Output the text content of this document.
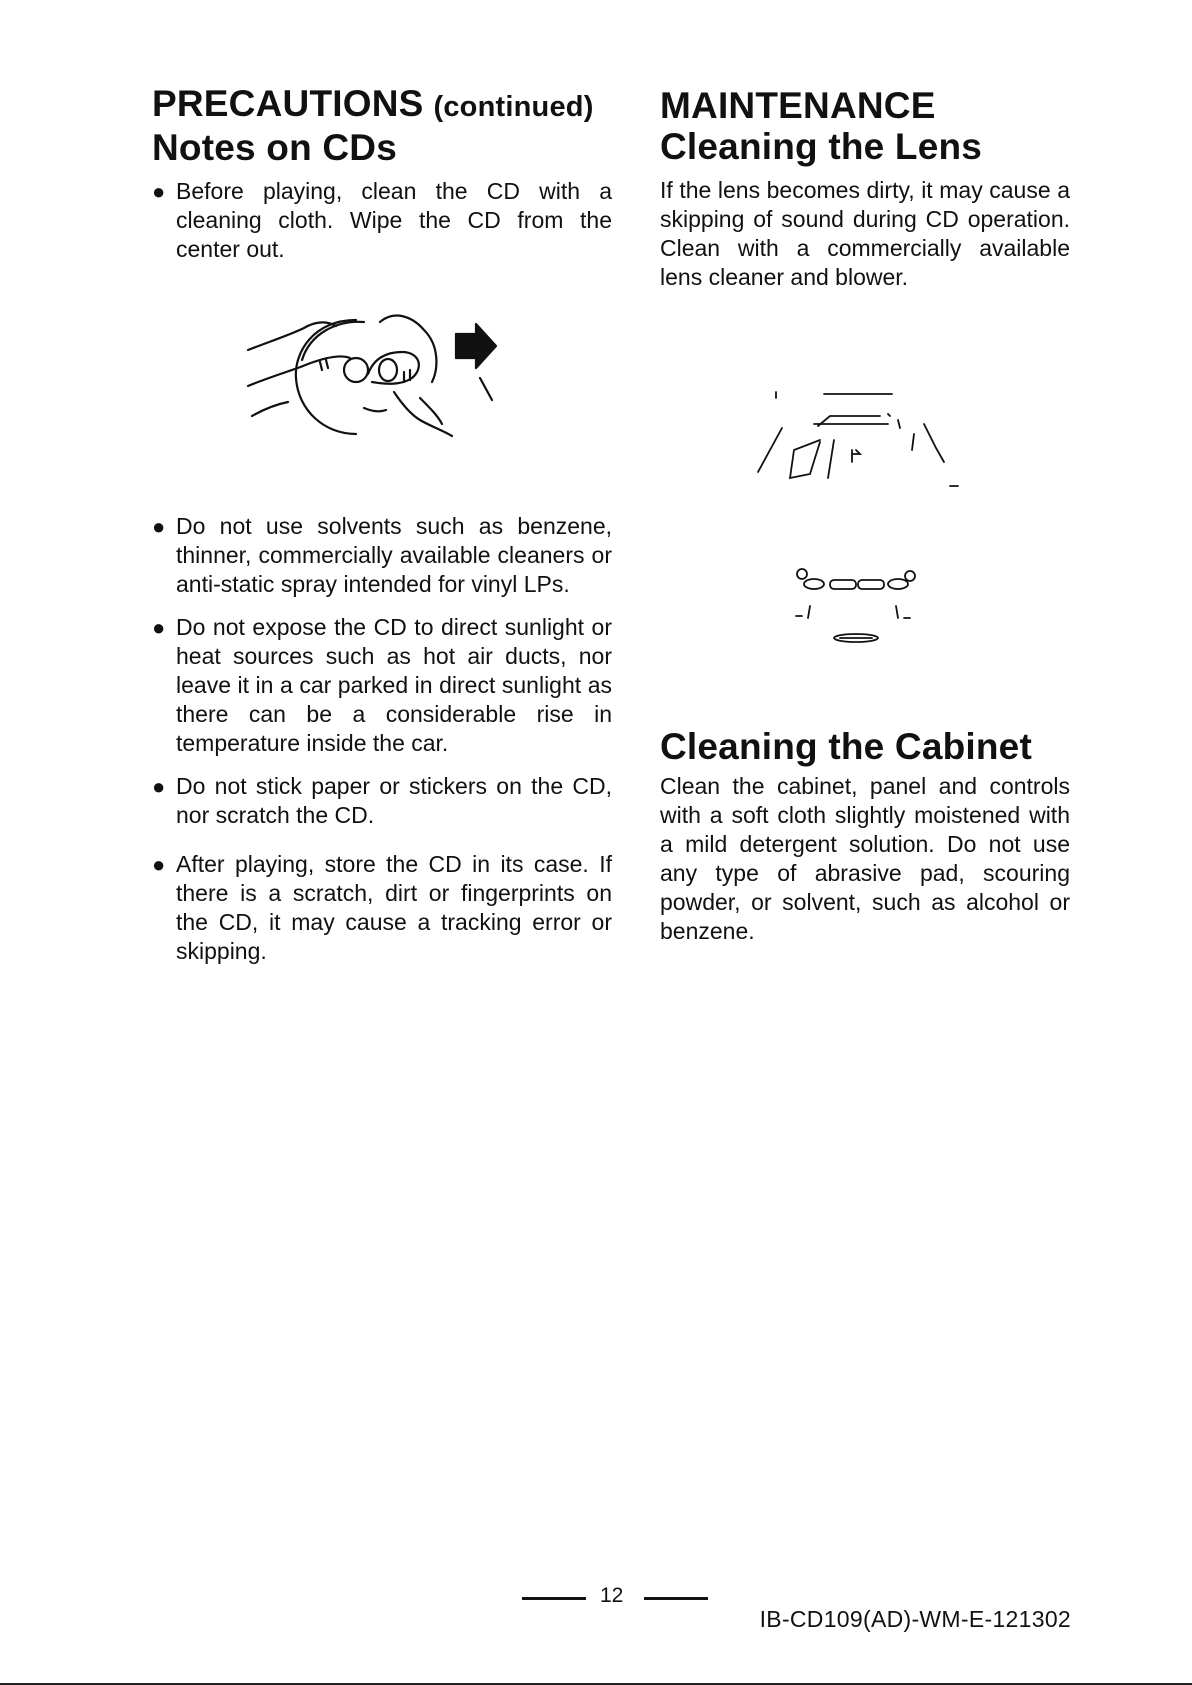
PRECAUTIONS (continued)
Notes on CDs
● Before playing, clean the CD with a cleaning cloth. Wipe the CD from the center out.
● Do not use solvents such as benzene, thinner, commercially available cleaners or anti-static spray intended for vinyl LPs.
● Do not expose the CD to direct sunlight or heat sources such as hot air ducts, nor leave it in a car parked in direct sunlight as there can be a considerable rise in temperature inside the car.
● Do not stick paper or stickers on the CD, nor scratch the CD.
● After playing, store the CD in its case. If there is a scratch, dirt or fingerprints on the CD, it may cause a tracking error or skipping.
MAINTENANCE
Cleaning the Lens

If the lens becomes dirty, it may cause a skipping of sound during CD operation. Clean with a commercially available lens cleaner and blower.

Cleaning the Cabinet

Clean the cabinet, panel and controls with a soft cloth slightly moistened with a mild detergent solution. Do not use any type of abrasive pad, scouring powder, or solvent, such as alcohol or benzene.

12
IB-CD109(AD)-WM-E-121302
